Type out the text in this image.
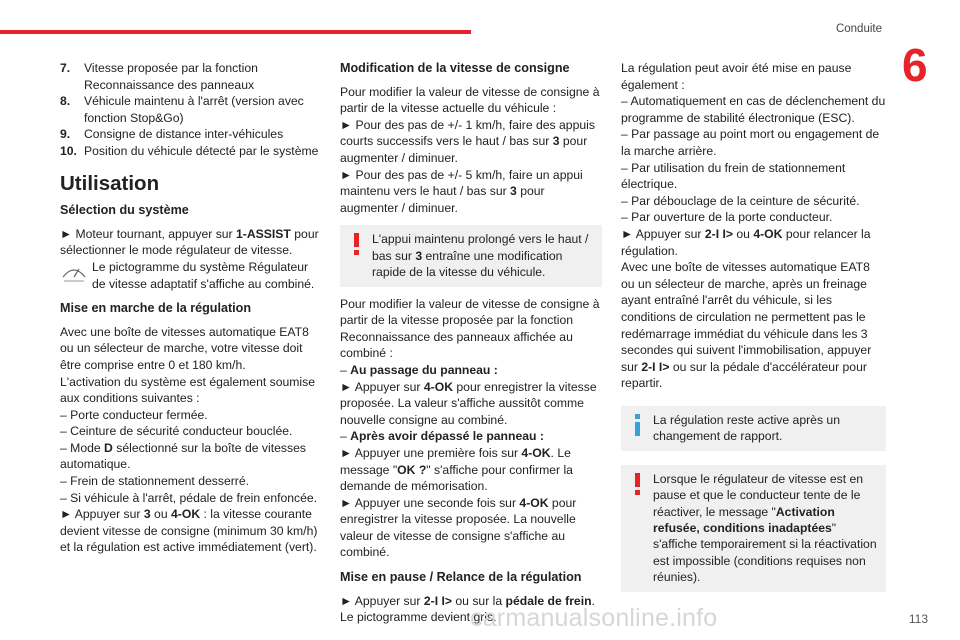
Conduite
6
7.	Vitesse proposée par la fonction Reconnaissance des panneaux
8.	Véhicule maintenu à l'arrêt (version avec fonction Stop&Go)
9.	Consigne de distance inter-véhicules
10. Position du véhicule détecté par le système
Utilisation
Sélection du système

► Moteur tournant, appuyer sur 1-ASSIST pour sélectionner le mode régulateur de vitesse.

Le pictogramme du système Régulateur de vitesse adaptatif s'affiche au combiné.
Mise en marche de la régulation

Avec une boîte de vitesses automatique EAT8 ou un sélecteur de marche, votre vitesse doit être comprise entre 0 et 180 km/h.

L'activation du système est également soumise aux conditions suivantes :

– Porte conducteur fermée.

– Ceinture de sécurité conducteur bouclée.

– Mode D sélectionné sur la boîte de vitesses automatique.

– Frein de stationnement desserré.

– Si véhicule à l'arrêt, pédale de frein enfoncée.

► Appuyer sur 3 ou 4-OK : la vitesse courante devient vitesse de consigne (minimum 30 km/h) et la régulation est active immédiatement (vert).

Modification de la vitesse de consigne

Pour modifier la valeur de vitesse de consigne à partir de la vitesse actuelle du véhicule :

► Pour des pas de +/- 1 km/h, faire des appuis courts successifs vers le haut / bas sur 3 pour augmenter / diminuer.

► Pour des pas de +/- 5 km/h, faire un appui maintenu vers le haut / bas sur 3 pour augmenter / diminuer.

L'appui maintenu prolongé vers le haut / bas sur 3 entraîne une modification rapide de la vitesse du véhicule.

Pour modifier la valeur de vitesse de consigne à partir de la vitesse proposée par la fonction Reconnaissance des panneaux affichée au combiné :

– Au passage du panneau :

► Appuyer sur 4-OK pour enregistrer la vitesse proposée. La valeur s'affiche aussitôt comme nouvelle consigne au combiné.

– Après avoir dépassé le panneau :

► Appuyer une première fois sur 4-OK. Le message "OK ?" s'affiche pour confirmer la demande de mémorisation.

► Appuyer une seconde fois sur 4-OK pour enregistrer la vitesse proposée. La nouvelle valeur de vitesse de consigne s'affiche au combiné.

Mise en pause / Relance de la régulation

► Appuyer sur 2-I I> ou sur la pédale de frein.

Le pictogramme devient gris.

La régulation peut avoir été mise en pause également :

– Automatiquement en cas de déclenchement du programme de stabilité électronique (ESC).

– Par passage au point mort ou engagement de la marche arrière.

– Par utilisation du frein de stationnement électrique.

– Par débouclage de la ceinture de sécurité.

– Par ouverture de la porte conducteur.

► Appuyer sur 2-I I> ou 4-OK pour relancer la régulation.

Avec une boîte de vitesses automatique EAT8 ou un sélecteur de marche, après un freinage ayant entraîné l'arrêt du véhicule, si les conditions de circulation ne permettent pas le redémarrage immédiat du véhicule dans les 3 secondes qui suivent l'immobilisation, appuyer sur 2-I I> ou sur la pédale d'accélérateur pour repartir.

La régulation reste active après un changement de rapport.
Lorsque le régulateur de vitesse est en pause et que le conducteur tente de le réactiver, le message "Activation refusée, conditions inadaptées" s'affiche temporairement si la réactivation est impossible (conditions requises non réunies).
carmanualsonline.info	113
